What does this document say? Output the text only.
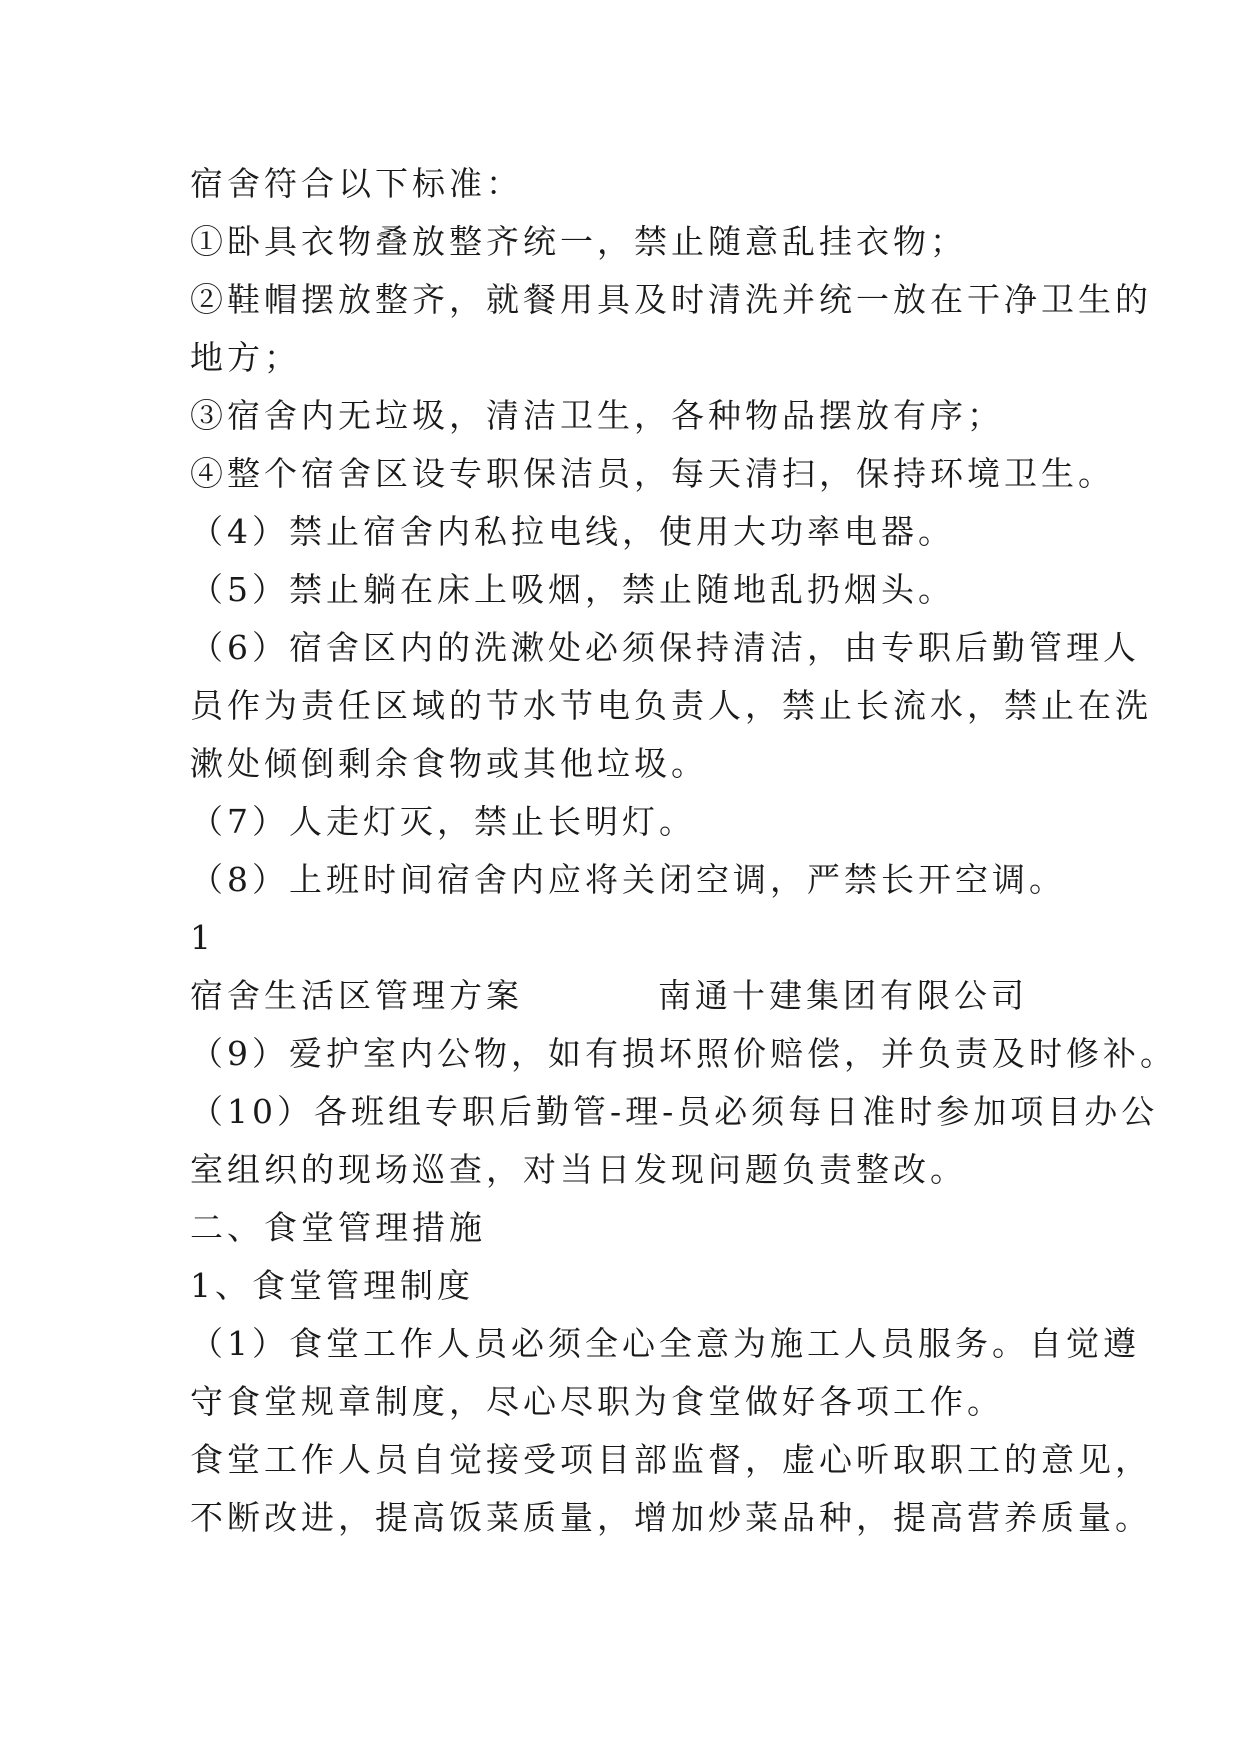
宿舍符合以下标准：
①卧具衣物叠放整齐统一，禁止随意乱挂衣物；
②鞋帽摆放整齐，就餐用具及时清洗并统一放在干净卫生的
地方；
③宿舍内无垃圾，清洁卫生，各种物品摆放有序；
④整个宿舍区设专职保洁员，每天清扫，保持环境卫生。
（4）禁止宿舍内私拉电线，使用大功率电器。
（5）禁止躺在床上吸烟，禁止随地乱扔烟头。
（6）宿舍区内的洗漱处必须保持清洁，由专职后勤管理人
员作为责任区域的节水节电负责人，禁止长流水，禁止在洗
漱处倾倒剩余食物或其他垃圾。
（7）人走灯灭，禁止长明灯。
（8）上班时间宿舍内应将关闭空调，严禁长开空调。
1
宿舍生活区管理方案	南通十建集团有限公司
（9）爱护室内公物，如有损坏照价赔偿，并负责及时修补。
（10）各班组专职后勤管-理-员必须每日准时参加项目办公
室组织的现场巡查，对当日发现问题负责整改。
二、食堂管理措施
1、食堂管理制度
（1）食堂工作人员必须全心全意为施工人员服务。自觉遵
守食堂规章制度，尽心尽职为食堂做好各项工作。
食堂工作人员自觉接受项目部监督，虚心听取职工的意见，
不断改进，提高饭菜质量，增加炒菜品种，提高营养质量。
